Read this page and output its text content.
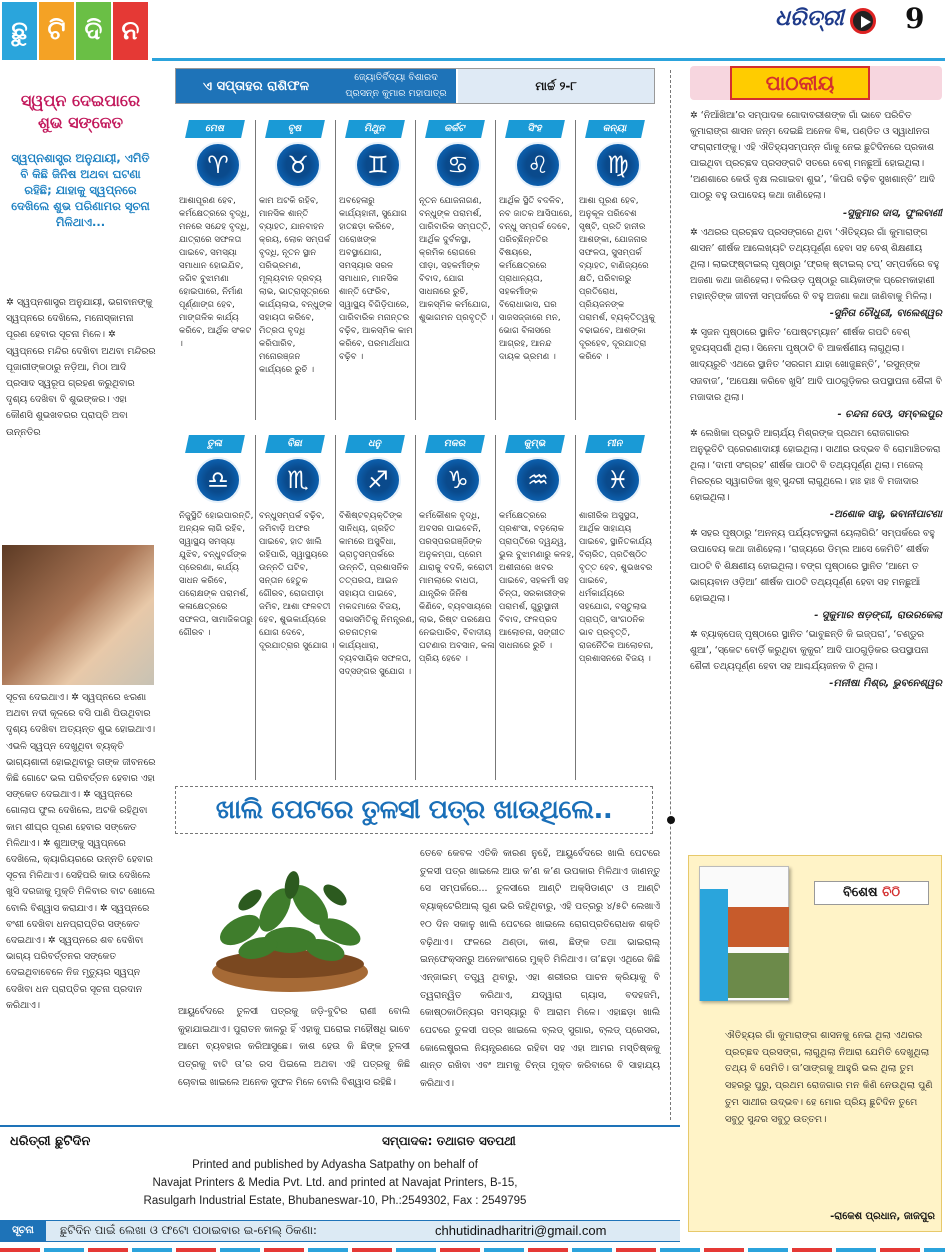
ଛୁ ଟି ଦି ନ	ଧରିତ୍ରୀ 9
ସ୍ୱପ୍ନ ଦେଇପାରେ ଶୁଭ ସଙ୍କେତ
ସ୍ୱପ୍ନଶାସ୍ତ୍ର ଅନୁଯାୟୀ, ଏମିତି ବି କିଛି ଜିନିଷ ଅଥବା ଘଟଣା ରହିଛି; ଯାହାକୁ ସ୍ୱପ୍ନରେ ଦେଖିଲେ ଶୁଭ ପରିଣାମର ସୂଚନା ମିଳିଥାଏ...
✲ ସ୍ୱପ୍ନଶାସ୍ତ୍ର ଅନୁଯାୟୀ, ଭଗବାନଙ୍କୁ ସ୍ୱପ୍ନରେ ଦେଖିଲେ, ମନୋସ୍କାମନା ପୂରଣ ହେବାର ସୂଚନା ମିଳେ। ✲ ସ୍ୱପ୍ନରେ ମନ୍ଦିର ଦେଖିବା ଅଥବା ମନ୍ଦିରର ପୂଜାରୀଙ୍କଠାରୁ ନଡ଼ିଆ, ମିଠା ଆଦି ପ୍ରସାଦ ସ୍ୱରୂପ ଗ୍ରହଣ କରୁଥିବାର ଦୃଶ୍ୟ ଦେଖିବା ବି ଶୁଭଙ୍କର। ଏହା କୌଣସି ଶୁଭଖବରର ପ୍ରାପ୍ତି ଅବା ଉନ୍ନତିର
ସୂଚନା ଦେଇଥାଏ। ✲ ସ୍ୱପ୍ନରେ ଝରଣା ଅଥବା ନଦୀ କୂଳରେ ବସି ପାଣି ପିଉଥିବାର ଦୃଶ୍ୟ ଦେଖିବା ଅତ୍ୟନ୍ତ ଶୁଭ ହୋଇଥାଏ। ଏଭଳି ସ୍ୱପ୍ନ ଦେଖୁଥିବା ବ୍ୟକ୍ତି ଭାଗ୍ୟଶାଳୀ ହୋଇଥିବାରୁ ତାଙ୍କ ଜୀବନରେ କିଛି ଗୋଟେ ଭଲ ପରିବର୍ତ୍ତନ ହେବାର ଏହା ସଙ୍କେତ ଦେଇଥାଏ। ✲ ସ୍ୱପ୍ନରେ ଗୋଲାପ ଫୁଲ ଦେଖିଲେ, ଅଟକି ରହିଥିବା କାମ ଶୀଘ୍ର ପୂରଣ ହେବାର ସଙ୍କେତ ମିଳିଥାଏ। ✲ ଶୁଆଙ୍କୁ ସ୍ୱପ୍ନରେ ଦେଖିଲେ, କ୍ୟାରିୟରରେ ଉନ୍ନତି ହେବାର ସୂଚନା ମିଳିଥାଏ। ସେହିପରି କାଉ ଦେଖିଲେ ଖୁସି ଦରଜାକୁ ମୁକ୍ତି ମିଳିବାର ବାଟ ଖୋଲେ ବୋଲି ବିଶ୍ୱାସ କରାଯାଏ। ✲ ସ୍ୱପ୍ନରେ ବଂଶୀ ଦେଖିବା ଧନପ୍ରାପ୍ତିର ସଙ୍କେତ ଦେଇଥାଏ। ✲ ସ୍ୱପ୍ନରେ ଶବ ଦେଖିବା ଭାଗ୍ୟ ପରିବର୍ତ୍ତନର ସଙ୍କେତ ଦେଇଥିବାବେଳେ ନିଜ ମୃତ୍ୟୁର ସ୍ୱପ୍ନ ଦେଖିବା ଧନ ପ୍ରାପ୍ତିର ସୂଚନା ପ୍ରଦାନ କରିଥାଏ।
ଏ ସପ୍ତାହର ରାଶିଫଳ
ଜ୍ୟୋତିର୍ବିଦ୍ୟା ବିଶାରଦ
ପ୍ରସନ୍ନ କୁମାର ମହାପାତ୍ର
ମାର୍ଚ୍ଚ ୨-୮
ମେଷ
♈
ଆଶାପୂରଣ ହେବ, କର୍ମକ୍ଷେତ୍ରରେ ବୃଦ୍ଧି, ମନରେ ସନ୍ଦେହ ବୃଦ୍ଧି, ଯାତ୍ରାରେ ସଫଳତା ପାଇବେ, ସମସ୍ୟା ସମାଧାନ ହୋଇଯିବ, ଜଗିବ ବୁଝାମଣା ହୋଇପାରେ, ନିର୍ମାଣ ପୂର୍ଣ୍ଣାଙ୍ଗ ହେବ, ମାଙ୍ଗଳିକ କାର୍ଯ୍ୟ କରିବେ, ଆର୍ଥିକ ସଂକଟ ।
ବୃଷ
♉
କାମ ଅଟକି ରହିବ, ମାନସିକ ଶାନ୍ତି ବ୍ୟାହତ, ଯାନବାହନ କ୍ରୟ, ଲୋକ ସମ୍ପର୍କ ବୃଦ୍ଧି, ନୂତନ ସ୍ଥାନ ପରିଭ୍ରମଣ, ମୂଲ୍ୟବାନ ଦ୍ରବ୍ୟ ଲାଭ, ଭାତ୍ରାସୂତ୍ରରେ କାର୍ଯ୍ୟଲାଭ, ବନ୍ଧୁଙ୍କ ସହାୟତା କରିବେ, ମିତ୍ରତା ବୃଦ୍ଧି କରିପାରିବ, ମନୋରଞ୍ଜନ କାର୍ଯ୍ୟରେ ରୁଚି ।
ମିଥୁନ
♊
ଅବହେଳାରୁ କାର୍ଯ୍ୟହାନୀ, ସୁଯୋଗ ହାତଛଡ଼ା କରିବେ, ପରୋଖଙ୍କ ଅବସ୍ଥାଯୋଗ, ସମସ୍ୟାର ସରଳ ସମାଧାନ, ମାନସିକ ଶାନ୍ତି ଫେରିବ, ସ୍ୱାସ୍ଥ୍ୟ ବିଗିଡ଼ିପାରେ, ପାରିବାରିକ ମନାନ୍ତର ବଢ଼ିବ, ଆକସ୍ମିକ କାମ କରିବେ, ପରମାର୍ଥଧାତା ବଢ଼ିବ ।
କର୍କଟ
♋
ନୂତନ ଯୋଜନାଗଣ, ବନ୍ଧୁଙ୍କ ପରାମର୍ଶ, ପାରିବାରିକ ସମ୍ପତ୍ତି, ଆର୍ଥିକ ଦୁର୍ବଳସ୍ଥା, କ୍ରମିକ ରୋଗରେ ପୀଡ଼ା, ସହକର୍ମୀଙ୍କ ବିବାଦ, ଯୋଗ ସାଧନାରେ ରୁଚି, ଆକସ୍ମିକ କର୍ମଯୋଗ, ଶୁଭାଗମନ ପ୍ରବୃତ୍ତି ।
ସିଂହ
♌
ଆର୍ଥିକ ସ୍ଥିତି ବଦଳିବ, ନବ ଜାତକ ଆସିପାରେ, ବନ୍ଧୁ ସମ୍ପର୍କ ଦେବେ, ପରିଚ୍ଛିନ୍ନତିର ବିଷୟରେ, କର୍ମକ୍ଷେତ୍ରରେ ପ୍ରାଧାନ୍ୟତା, ସହକର୍ମୀଙ୍କ ବିରୋଧାଭାସ, ଘର ସାଜସଜ୍ଜାରେ ମନ, ଭୋଗ ବିଳାସରେ ଆଗ୍ରହ, ଆନନ୍ଦ ଦାୟକ ଭ୍ରମଣ ।
କନ୍ୟା
♍
ଆଶା ପୂରଣ ହେବ, ଅନୁକୂଳ ପରିବେଶ ସୃଷ୍ଟି, ପ୍ରତି ହାନୀର ଆଶଙ୍କା, ଯୋଜନାର ସଫଳତା, ସୁସମ୍ପର୍କ ବ୍ୟାହତ, ବାଣିଜ୍ୟରେ କ୍ଷତି, ପରିବାରରୁ ପ୍ରତିରୋଧ, ପ୍ରିୟଜନଙ୍କ ପରାମର୍ଶ, ବ୍ୟକ୍ତିତ୍ୱକୁ ବଢାଇବେ, ଆଶଙ୍କା ଦୂରହେବ, ଦୂରଯାତ୍ରା କରିବେ ।
ତୁଳା
♎
ନିଜୁସ୍ଥିତି ହୋଇପାରନ୍ତି, ଅନ୍ୟକ ଲାଗି ରହିବ, ସ୍ୱାସ୍ଥ୍ୟ ସମସ୍ୟା ଯୁଝିବ, ବନ୍ଧୁବର୍ଗଙ୍କ ପ୍ରେରଣା, କାର୍ଯ୍ୟ ସାଧନ କରିବେ, ପରୋକ୍ଷଙ୍କ ପରାମର୍ଶ, କଳାକ୍ଷେତ୍ରରେ ସଫଳତା, ସାମାଜିକତାରୁ ଗୌରବ ।
ବିଛା
♏
ବନ୍ଧୁସମ୍ପର୍କ ବଢ଼ିବ, ଜମିବାଡ଼ି ଅଫର ପାଇବେ, ହାତ ଖାଲି ରହିପାରି, ସ୍ୱାସ୍ଥ୍ୟରେ ଉନ୍ନତି ଘଟିବ, ସନ୍ତାନ ହେତୁକ ଗୌରବ, ରୋଗପୀଡ଼ା ଜମିବ, ଆଶା ଫଳବତୀ ହେବ, ଶୁଭକାର୍ଯ୍ୟରେ ଯୋଗ ଦେବେ, ଦୂରଯାତ୍ରାର ସୁଯୋଗ ।
ଧନୁ
♐
ବିଶିଷ୍ଟବ୍ୟକ୍ତିଙ୍କ ସାନିଧ୍ୟ, ଗ୍ରହିତ କାମରେ ଅସୁବିଧା, ଭ୍ରାତୃସମ୍ପର୍କରେ ଉନ୍ନତି, ପ୍ରଶାସନିକ ତତ୍ପରତା, ଆଇନ ସହାୟତା ପାଇବେ, ମକଦ୍ଦମାରେ ବିଜୟ, ସଭାସମିତିକୁ ନିମନ୍ତ୍ରଣ, ରଚନାତ୍ମକ କାର୍ଯ୍ୟଧାରା, ବ୍ୟବସାୟିକ ସଫଳତା, ସଦ୍‌ସଙ୍ଗର ସୁଯୋଗ ।
ମକର
♑
କର୍ମକୌଶଳ ବୃଦ୍ଧି, ଅବସର ପାଇବେନି, ପରସ୍ପରଗଞ୍ଜିଙ୍କ ଅନୁକମ୍ପା, ପ୍ରେମ ଯାରାକୁ ବଦଳି, କରୋଟୀ ମାମଲାରେ ବାଧତା, ଯାନ୍ତ୍ରିକ ଜିନିଷ କିଣିବେ, ବ୍ୟବସାୟରେ ଲାଭ, ରିଷ୍ଟ ପରକ୍ଷେପ ନେଇପାରିବ, ବିବାଦୀୟ ଘଟଣାର ଅବସାନ, କଳା ପ୍ରିୟ ହେବେ ।
କୁମ୍ଭ
♒
କର୍ମକ୍ଷେତ୍ରରେ ପ୍ରଶଂସା, ବଡ଼ଲୋକ ପ୍ରାପ୍ତିରେ ଦ୍ୱନ୍ଦ୍ୱ, ଭୁଲ ବୁଝାମଣାରୁ କଳହ, ଅଶୀନାରେ ଖବର ପାଇବେ, ସହକର୍ମୀ ସହ ଚିନ୍ତା, ସରକାରୀଙ୍କ ପରାମର୍ଶ, ଗୁରୁସ୍ଥାନୀ ବିବାଦ, ଫଳପ୍ରଦ ଆଲୋଚନା, ସଙ୍ଗୀତ ସାଧନାରେ ରୁଚି ।
ମୀନ
♓
ଶାରୀରିକ ଅସୁସ୍ଥତା, ଆର୍ଥିକ ସାହାଯ୍ୟ ପାଇବେ, ସ୍ଥାନିତକାର୍ଯ୍ୟ ବିଚାରିତ, ପ୍ରତିଷ୍ଠିତ ବୃତ୍ତ ହେବ, ଶୁଭଖବର ପାଇବେ, ଧର୍ମକାର୍ଯ୍ୟରେ ସହଯୋଗ, ବସ୍ତୁଲାଭ ପ୍ରାପ୍ତି, ସାଂଗଠନିକ ଭାବ ପ୍ରବୃତ୍ତି, ରାଜନୈତିକ ଆଲୋଚନା, ପ୍ରଶାସନରେ ବିଜୟ ।
ଖାଲି ପେଟରେ ତୁଳସୀ ପତ୍ର ଖାଉଥିଲେ..
ଆୟୁର୍ବେଦରେ ତୁଳସୀ ପତ୍ରକୁ ଜଡ଼ି-ବୁଟିର ରାଣୀ ବୋଲି କୁହାଯାଇଥାଏ। ପୁରାତନ କାଳରୁ ହିଁ ଏହାକୁ ଘରୋଇ ମହୌଷଧି ଭାବେ ଆମେ ବ୍ୟବହାର କରିଆସୁଛେ। କାଶ ହେଉ କି ଛିଙ୍କ ତୁଳସୀ ପତ୍ରକୁ ବାଟି ତା’ର ରସ ପିଇଲେ ଅଥବା ଏହି ପତ୍ରକୁ କିଛି ଚୋବାଇ ଖାଇଲେ ଅନେକ ସୁଫଳ ମିଳେ ବୋଲି ବିଶ୍ୱାସ ରହିଛି।
ତେବେ କେବଳ ଏତିକି କାରଣ ନୁହେଁ, ଆୟୁର୍ବେଦରେ ଖାଲି ପେଟରେ ତୁଳସୀ ପତ୍ର ଖାଇଲେ ଆଉ କ’ଣ କ’ଣ ଉପକାର ମିଳିଥାଏ ଜାଣନ୍ତୁ ସେ ସମ୍ପର୍କରେ... ତୁଳସୀରେ ଆଣ୍ଟି ଅକ୍ସିଡାଣ୍ଟ ଓ ଆଣ୍ଟି ବ୍ୟାକ୍ଟେରିଆଲ୍ ଗୁଣ ଭରି ରହିଥିବାରୁ, ଏହି ପତ୍ରରୁ ୪/୫ଟି ଲେଖାଏଁ ୧୦ ଦିନ ସକାଳୁ ଖାଲି ପେଟରେ ଖାଇଲେ ରୋଗପ୍ରତିରୋଧକ ଶକ୍ତି ବଢ଼ିଥାଏ। ଫଳରେ ଥଣ୍ଡା, କାଶ, ଛିଙ୍କ ତଥା ଭାଇରାଲ୍ ଇନ୍‌ଫେକ୍ସନ୍‌ରୁ ଅନେକାଂଶରେ ମୁକ୍ତି ମିଳିଥାଏ। ତା’ଛଡ଼ା ଏଥିରେ କିଛି ଏନ୍‌ଜାଇମ୍ ତତ୍ତ୍ୱ ଥିବାରୁ, ଏହା ଶରୀରର ପାଚନ କ୍ରିୟାକୁ ବି ତ୍ୱରାନ୍ୱିତ କରିଥାଏ, ଯଦ୍ୱାରା ଗ୍ୟାସ, ବଦହଜମି, କୋଷ୍ଠକାଠିନ୍ୟର ସମସ୍ୟାରୁ ବି ଆରାମ ମିଳେ। ଏହାଛଡ଼ା ଖାଲି ପେଟରେ ତୁଳସୀ ପତ୍ର ଖାଇଲେ ବ୍ଲଡ୍ ସୁଗାର, ବ୍ଲଡ୍ ପ୍ରେସର, କୋଲେଷ୍ଟ୍ରଲ ନିୟନ୍ତ୍ରଣରେ ରହିବା ସହ ଏହା ଆମର ମସ୍ତିଷ୍କକୁ ଶାନ୍ତ ରଖିବା ଏବଂ ଆମକୁ ଚିନ୍ତା ମୁକ୍ତ କରିବାରେ ବି ସାହାଯ୍ୟ କରିଥାଏ।
ପାଠକୀୟ

✲ ‘ନିଆଁଖିଆ’ର ସମ୍ପାଦକ ଗୋଦାବରୀଶଙ୍କ ଗାଁ ଭାବେ ପରିଚିତ କୁମାରାଙ୍ଗ ଶାସନ ଜନ୍ମ ଦେଇଛି ଅନେକ ବିଜ୍ଞ, ପଣ୍ଡିତ ଓ ସ୍ୱାଧୀନତା ସଂଗ୍ରାମୀଙ୍କୁ। ଏହି ଐତିହ୍ୟସମ୍ପନ୍ନ ଗାଁକୁ ନେଇ ଛୁଟିଦିନରେ ପ୍ରକାଶ ପାଇଥିବା ପ୍ରଚ୍ଛଦ ପ୍ରସଙ୍ଗଟି ସତରେ ବେଶ୍ ମନଛୁଆଁ ହୋଇଥିଲା। ‘ଅଣଶାରେ କେଉଁ ବୃକ୍ଷ ଲଗାଇବା ଶୁଭ’, ‘କିପରି ବଢ଼ିବ ସୁଖଶାନ୍ତି’ ଆଦି ପାଠରୁ ବହୁ ଉପାଦେୟ କଥା ଜାଣିହେଲା।

-ସୁକୁମାର ଦାସ, ଫୁଲବାଣୀ

✲ ଏଥରର ପ୍ରଚ୍ଛଦ ପ୍ରସଙ୍ଗରେ ଥିବା ‘ଐତିହ୍ୟର ଗାଁ କୁମାରାଙ୍ଗ ଶାସନ’ ଶୀର୍ଷକ ଆଲେଖ୍ୟଟି ତଥ୍ୟପୂର୍ଣ୍ଣ ହେବା ସହ ବେଶ୍ ଶିକ୍ଷଣୀୟ ଥିଲା। ଲାଇଫ୍‌ଷ୍ଟାଇଲ୍ ପୃଷ୍ଠାରୁ ‘ଫ୍ରକ୍ ଷ୍ଟାଇଲ୍ ଟପ୍’ ସମ୍ପର୍କରେ ବହୁ ଅଜଣା କଥା ଜାଣିହେଲା। ବଲିଉଡ଼ ପୃଷ୍ଠାରୁ ଗାୟିକାଙ୍କ ପ୍ରେମକାହାଣୀ ମହାନ୍ତିଙ୍କ ଜୀବନୀ ସମ୍ପର୍କରେ ବି ବହୁ ଅଜଣା କଥା ଜାଣିବାକୁ ମିଳିଲା।

-ସୁନିତା ଚୌଧୁରୀ, ବାଲେଶ୍ୱର

✲ ସୃଜନ ପୃଷ୍ଠାରେ ସ୍ଥାନିତ ‘ପୋଷ୍ଟମ୍ୟାନ’ ଶୀର୍ଷକ ଗପଟି ବେଶ୍ ହୃଦୟସ୍ପର୍ଶୀ ଥିଲା। ସିନେମା ପୃଷ୍ଠାଟି ବି ଆକର୍ଷଣୀୟ ଲାଗୁଥିଲା। ଖାଦ୍ୟରୁଚି ଏଥରେ ସ୍ଥାନିତ ‘ସରଗମ ଯାହା ଖୋଜୁଛନ୍ତି’, ‘ରସୁନ୍‌ଙ୍କ ସଜବାଜ’, ‘ଅପେକ୍ଷା କରିବେ ଖୁସି’ ଆଦି ପାଠଗୁଡ଼ିକର ଉପସ୍ଥାପନା ଶୈଳୀ ବି ମଜାଦାର ଥିଲା।

- ଚନ୍ଦନା ଦେଓ, ସମ୍ବଲପୁର

✲ ଲେଖିକା ପ୍ରଭୃତି ଆଚାର୍ଯ୍ୟ ମିଶ୍ରଙ୍କ ପ୍ରଥମ ରୋଜଗାରର ଅନୁଭୂତିଟି ପ୍ରେରଣାଦାୟୀ ହୋଇଥିଲା। ସାଥୀର ଉଦ୍ଭବ ବି ରୋମାଞ୍ଚିତକରା ଥିଲା। ‘ଦାମୀ ସଂଗ୍ରହ’ ଶୀର୍ଷକ ପାଠଟି ବି ତଥ୍ୟପୂର୍ଣ୍ଣ ଥିଲା। ମଜେଲ୍ ମିରଚ୍‌ରେ ସ୍ୱାଗତିକା ଖୁବ୍ ସୁନ୍ଦରୀ ଲାଗୁଥିଲେ। ହାଃ ହାଃ ବି ମଜାଦାର ହୋଇଥିଲା।

-ଅଶୋକ ସାହୁ, ଭବାନୀପାଟଣା

✲ ସହର ପୃଷ୍ଠାରୁ ‘ଅନନ୍ୟ ପର୍ଯ୍ୟଟନସ୍ଥଳୀ ୟେଲାଗିରି’ ସମ୍ପର୍କରେ ବହୁ ଉପାଦେୟ କଥା ଜାଣିହେଲା। ‘ରାଜ୍ୟରେ ଡିମ୍‌ଲ ଆସେ କେମିତି’ ଶୀର୍ଷକ ପାଠଟି ବି ଶିକ୍ଷଣୀୟ ହୋଇଥିଲା। ବଙ୍ଗ ପୃଷ୍ଠାରେ ସ୍ଥାନିତ ‘ଆମେ ତ ଭାଗ୍ୟବାନ ଓଡ଼ିଆ’ ଶୀର୍ଷକ ପାଠଟି ତଥ୍ୟପୂର୍ଣ୍ଣ ହେବା ସହ ମନଛୁଆଁ ହୋଇଥିଲା।

- ସୁକୁମାର ଷଡ଼ଙ୍ଗୀ, ରାଉରକେଲା

✲ ବ୍ୟାକ୍‌ପେଜ୍ ପୃଷ୍ଠାରେ ସ୍ଥାନିତ ‘ଭାବୁଛନ୍ତି କି ଇଜ୍‌ପରା’, ‘ଚଣ୍ଡୁର ଶୁଆ’, ‘ସ୍କେଟ ବୋର୍ଡ଼ି କରୁଥିବା କୁକୁର’ ଆଦି ପାଠଗୁଡ଼ିକର ଉପସ୍ଥାପନା ଶୈଳୀ ତଥ୍ୟପୂର୍ଣ୍ଣ ହେବା ସହ ଆଶ୍ଚର୍ଯ୍ୟଜନକ ବି ଥିଲା।

-ମନୀଷା ମିଶ୍ର, ଭୁବନେଶ୍ୱର
ବିଶେଷ ଚିଠି
ଐତିହ୍ୟର ଗାଁ କୁମାରାଙ୍ଗ ଶାସନକୁ ନେଇ ଥିଲା ଏଥରର ପ୍ରଚ୍ଛଦ ପ୍ରସଙ୍ଗ, ଲାଗୁଥିଲା ନିଆରା ଯେମିତି ଦେଖୁଥିଲା ତଥ୍ୟ ବି ସେମିତି। ତା’ସାଙ୍ଗକୁ ଆହୁରି ଭଲ ଥିଲା ତୁମ ସହରରୁ ପୁରୁ, ପ୍ରଥମ ରୋଜଗାର ମନ କିଣି ନେଉଥିଲା ପୁଣି ତୁମ ସାଥୀର ଉଦ୍ଭବ। ହେ ମୋର ପ୍ରିୟ ଛୁଟିଦିନ ତୁମେ ସବୁଠୁ ସୁନ୍ଦର ସବୁଠୁ ଉତ୍ତମ।
-ରାକେଶ ପ୍ରଧାନ, ଜାଜପୁର
ଧରିତ୍ରୀ ଛୁଟିଦିନ	ସମ୍ପାଦକ: ତଥାଗତ ସତପଥୀ
Printed and published by Adyasha Satpathy on behalf of
Navajat Printers & Media Pvt. Ltd. and printed at Navajat Printers, B-15,
Rasulgarh Industrial Estate, Bhubaneswar-10, Ph.:2549302, Fax : 2549795
ସୂଚନା	ଛୁଟିଦିନ ପାଇଁ ଲେଖା ଓ ଫଟୋ ପଠାଇବାର ଇ-ମେଲ୍ ଠିକଣା:	chhutidinadharitri@gmail.com
